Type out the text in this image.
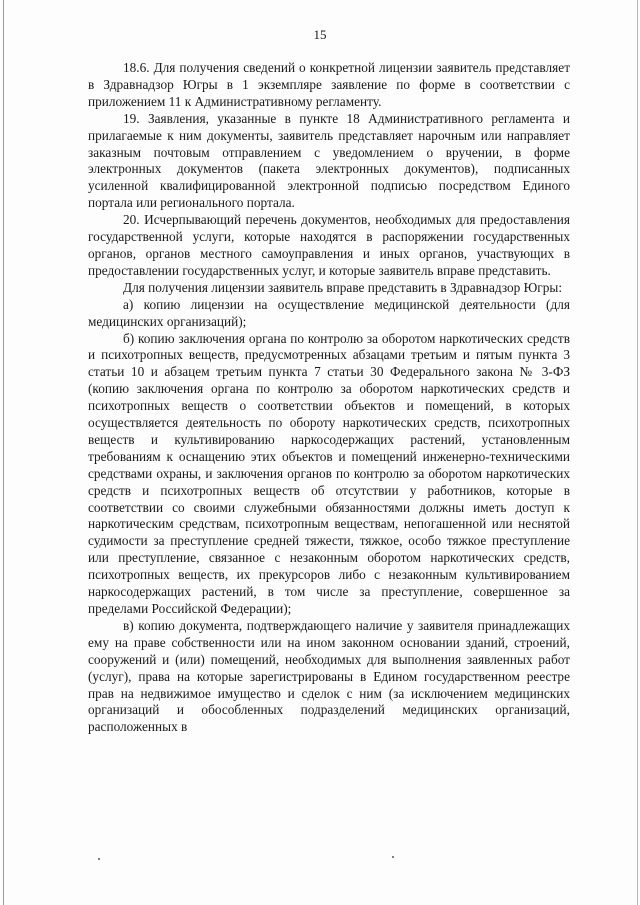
15

18.6. Для получения сведений о конкретной лицензии заявитель представляет в Здравнадзор Югры в 1 экземпляре заявление по форме в соответствии с приложением 11 к Административному регламенту.

19. Заявления, указанные в пункте 18 Административного регламента и прилагаемые к ним документы, заявитель представляет нарочным или направляет заказным почтовым отправлением с уведомлением о вручении, в форме электронных документов (пакета электронных документов), подписанных усиленной квалифицированной электронной подписью посредством Единого портала или регионального портала.

20. Исчерпывающий перечень документов, необходимых для предоставления государственной услуги, которые находятся в распоряжении государственных органов, органов местного самоуправления и иных органов, участвующих в предоставлении государственных услуг, и которые заявитель вправе представить.

Для получения лицензии заявитель вправе представить в Здравнадзор Югры:

а) копию лицензии на осуществление медицинской деятельности (для медицинских организаций);

б) копию заключения органа по контролю за оборотом наркотических средств и психотропных веществ, предусмотренных абзацами третьим и пятым пункта 3 статьи 10 и абзацем третьим пункта 7 статьи 30 Федерального закона № 3-ФЗ (копию заключения органа по контролю за оборотом наркотических средств и психотропных веществ о соответствии объектов и помещений, в которых осуществляется деятельность по обороту наркотических средств, психотропных веществ и культивированию наркосодержащих растений, установленным требованиям к оснащению этих объектов и помещений инженерно-техническими средствами охраны, и заключения органов по контролю за оборотом наркотических средств и психотропных веществ об отсутствии у работников, которые в соответствии со своими служебными обязанностями должны иметь доступ к наркотическим средствам, психотропным веществам, непогашенной или неснятой судимости за преступление средней тяжести, тяжкое, особо тяжкое преступление или преступление, связанное с незаконным оборотом наркотических средств, психотропных веществ, их прекурсоров либо с незаконным культивированием наркосодержащих растений, в том числе за преступление, совершенное за пределами Российской Федерации);

в) копию документа, подтверждающего наличие у заявителя принадлежащих ему на праве собственности или на ином законном основании зданий, строений, сооружений и (или) помещений, необходимых для выполнения заявленных работ (услуг), права на которые зарегистрированы в Едином государственном реестре прав на недвижимое имущество и сделок с ним (за исключением медицинских организаций и обособленных подразделений медицинских организаций, расположенных в
